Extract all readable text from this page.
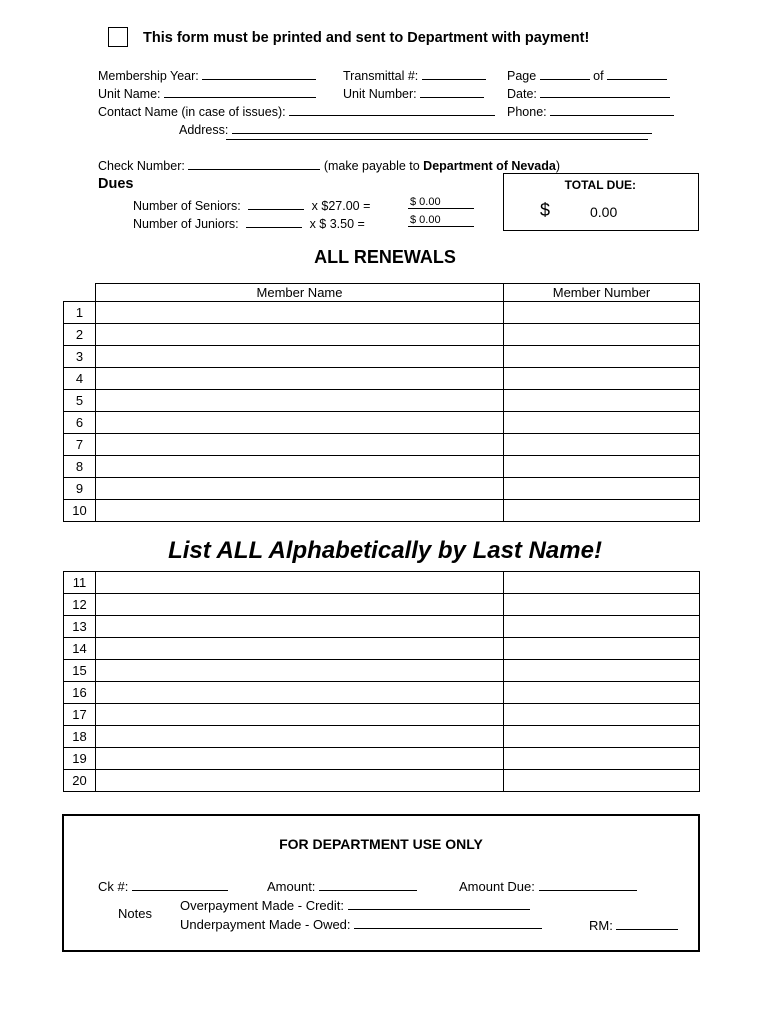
This form must be printed and sent to Department with payment!
Membership Year:
Unit Name:
Contact Name (in case of issues):
Address:
Transmittal #:
Unit Number:
Page	of
Date:
Phone:
Check Number:	(make payable to Department of Nevada)
Dues
Number of Seniors:	x $27.00 =	$ 0.00
Number of Juniors:	x $ 3.50 =	$ 0.00
TOTAL DUE:
$	0.00
ALL RENEWALS
	Member Name	Member Number
1		
2		
3		
4		
5		
6		
7		
8		
9		
10		
List ALL Alphabetically by Last Name!
11		
12		
13		
14		
15		
16		
17		
18		
19		
20		
FOR DEPARTMENT USE ONLY
Ck #:	Amount:	Amount Due:
Notes
Overpayment Made - Credit:
Underpayment Made - Owed:	RM:
